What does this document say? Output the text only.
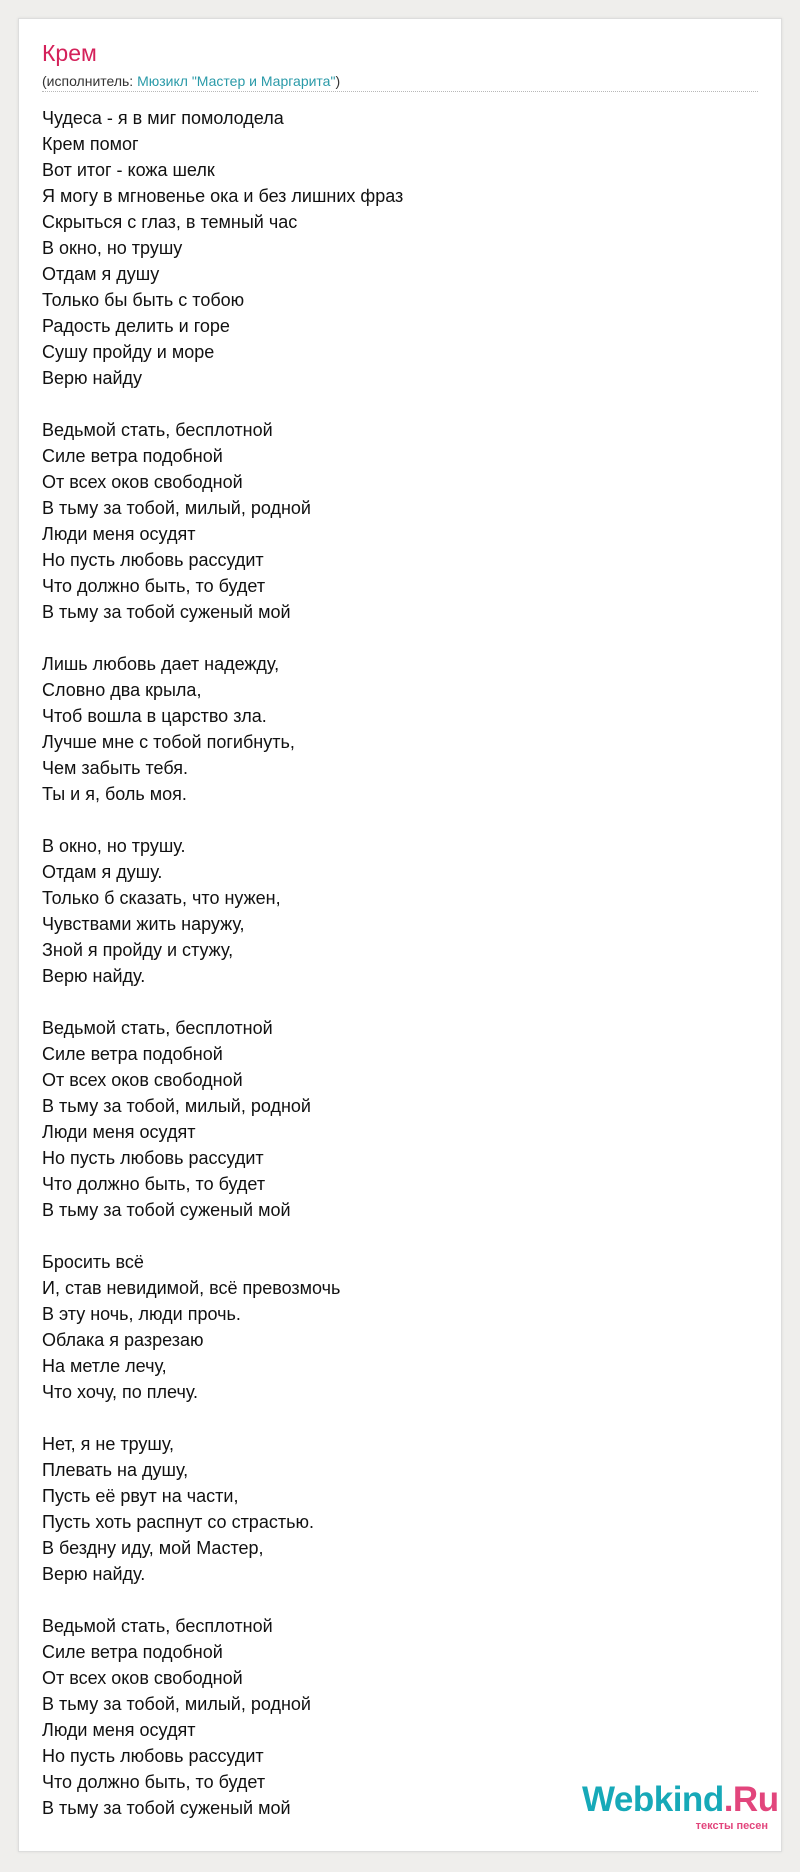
Крем
(исполнитель: Мюзикл "Мастер и Маргарита")
Чудеса - я в миг помолодела
Крем помог
Вот итог - кожа шелк
Я могу в мгновенье ока и без лишних фраз
Скрыться с глаз, в темный час
В окно, но трушу
Отдам я душу
Только бы быть с тобою
Радость делить и горе
Сушу пройду и море
Верю найду
Ведьмой стать, бесплотной
Силе ветра подобной
От всех оков свободной
В тьму за тобой, милый, родной
Люди меня осудят
Но пусть любовь рассудит
Что должно быть, то будет
В тьму за тобой суженый мой
Лишь любовь дает надежду,
Словно два крыла,
Чтоб вошла в царство зла.
Лучше мне с тобой погибнуть,
Чем забыть тебя.
Ты и я, боль моя.
В окно, но трушу.
Отдам я душу.
Только б сказать, что нужен,
Чувствами жить наружу,
Зной я пройду и стужу,
Верю найду.
Ведьмой стать, бесплотной
Силе ветра подобной
От всех оков свободной
В тьму за тобой, милый, родной
Люди меня осудят
Но пусть любовь рассудит
Что должно быть, то будет
В тьму за тобой суженый мой
Бросить всё
И, став невидимой, всё превозмочь
В эту ночь, люди прочь.
Облака я разрезаю
На метле лечу,
Что хочу, по плечу.
Нет, я не трушу,
Плевать на душу,
Пусть её рвут на части,
Пусть хоть распнут со страстью.
В бездну иду, мой Мастер,
Верю найду.
Ведьмой стать, бесплотной
Силе ветра подобной
От всех оков свободной
В тьму за тобой, милый, родной
Люди меня осудят
Но пусть любовь рассудит
Что должно быть, то будет
В тьму за тобой суженый мой	Webkind.Ru
тексты песен
